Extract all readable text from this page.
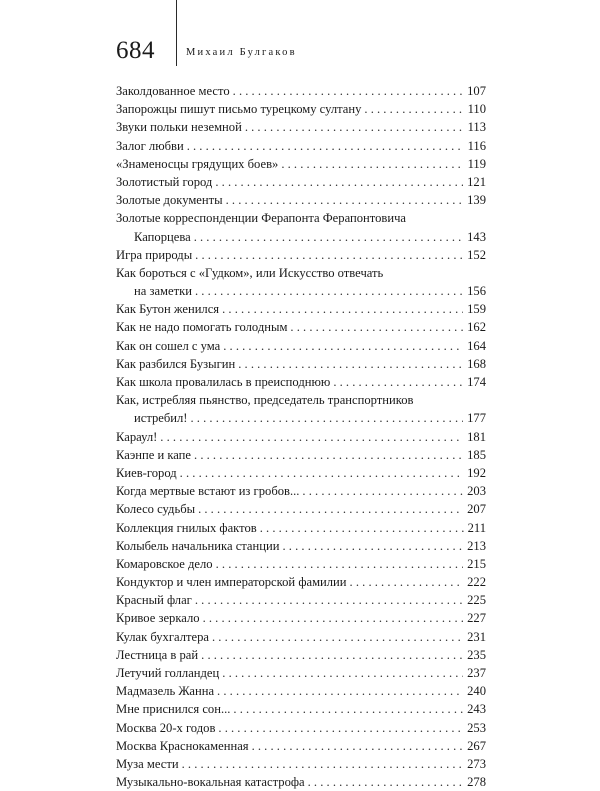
684	Михаил Булгаков
Заколдованное место . . .	107
Запорожцы пишут письмо турецкому султану . . .	110
Звуки польки неземной . . .	113
Залог любви . . .	116
«Знаменосцы грядущих боев» . . .	119
Золотистый город . . .	121
Золотые документы . . .	139
Золотые корреспонденции Ферапонта Ферапонтовича
Капорцева . . .	143
Игра природы . . .	152
Как бороться с «Гудком», или Искусство отвечать
на заметки . . .	156
Как Бутон женился . . .	159
Как не надо помогать голодным . . .	162
Как он сошел с ума . . .	164
Как разбился Бузыгин . . .	168
Как школа провалилась в преисподнюю . . .	174
Как, истребляя пьянство, председатель транспортников
истребил! . . .	177
Караул! . . .	181
Каэнпе и капе . . .	185
Киев-город . . .	192
Когда мертвые встают из гробов... . . .	203
Колесо судьбы . . .	207
Коллекция гнилых фактов . . .	211
Колыбель начальника станции . . .	213
Комаровское дело . . .	215
Кондуктор и член императорской фамилии . . .	222
Красный флаг . . .	225
Кривое зеркало . . .	227
Кулак бухгалтера . . .	231
Лестница в рай . . .	235
Летучий голландец . . .	237
Мадмазель Жанна . . .	240
Мне приснился сон... . . .	243
Москва 20-х годов . . .	253
Москва Краснокаменная . . .	267
Муза мести . . .	273
Музыкально-вокальная катастрофа . . .	278
